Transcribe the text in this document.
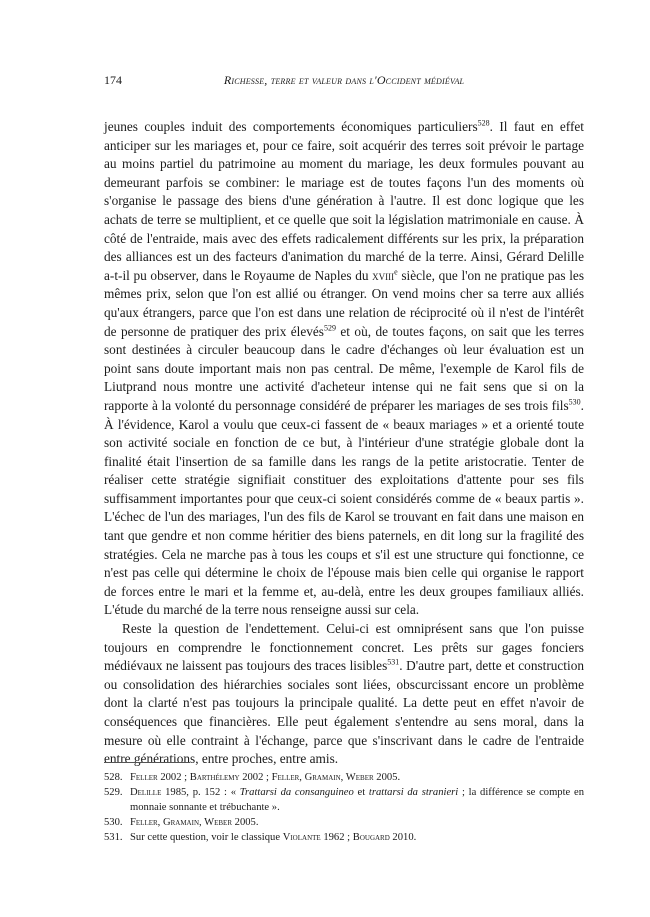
174	Richesse, terre et valeur dans l'Occident médiéval

jeunes couples induit des comportements économiques particuliers$^{528}$. Il faut en effet anticiper sur les mariages et, pour ce faire, soit acquérir des terres soit prévoir le partage au moins partiel du patrimoine au moment du mariage, les deux formules pouvant au demeurant parfois se combiner: le mariage est de toutes façons l'un des moments où s'organise le passage des biens d'une génération à l'autre. Il est donc logique que les achats de terre se multiplient, et ce quelle que soit la législation matrimoniale en cause. À côté de l'entraide, mais avec des effets radicalement différents sur les prix, la préparation des alliances est un des facteurs d'animation du marché de la terre. Ainsi, Gérard Delille a-t-il pu observer, dans le Royaume de Naples du xviii$^e$ siècle, que l'on ne pratique pas les mêmes prix, selon que l'on est allié ou étranger. On vend moins cher sa terre aux alliés qu'aux étrangers, parce que l'on est dans une relation de réciprocité où il n'est de l'intérêt de personne de pratiquer des prix élevés$^{529}$ et où, de toutes façons, on sait que les terres sont destinées à circuler beaucoup dans le cadre d'échanges où leur évaluation est un point sans doute important mais non pas central. De même, l'exemple de Karol fils de Liutprand nous montre une activité d'acheteur intense qui ne fait sens que si on la rapporte à la volonté du personnage considéré de préparer les mariages de ses trois fils$^{530}$. À l'évidence, Karol a voulu que ceux-ci fassent de « beaux mariages » et a orienté toute son activité sociale en fonction de ce but, à l'intérieur d'une stratégie globale dont la finalité était l'insertion de sa famille dans les rangs de la petite aristocratie. Tenter de réaliser cette stratégie signifiait constituer des exploitations d'attente pour ses fils suffisamment importantes pour que ceux-ci soient considérés comme de « beaux partis ». L'échec de l'un des mariages, l'un des fils de Karol se trouvant en fait dans une maison en tant que gendre et non comme héritier des biens paternels, en dit long sur la fragilité des stratégies. Cela ne marche pas à tous les coups et s'il est une structure qui fonctionne, ce n'est pas celle qui détermine le choix de l'épouse mais bien celle qui organise le rapport de forces entre le mari et la femme et, au-delà, entre les deux groupes familiaux alliés. L'étude du marché de la terre nous renseigne aussi sur cela.

Reste la question de l'endettement. Celui-ci est omniprésent sans que l'on puisse toujours en comprendre le fonctionnement concret. Les prêts sur gages fonciers médiévaux ne laissent pas toujours des traces lisibles$^{531}$. D'autre part, dette et construction ou consolidation des hiérarchies sociales sont liées, obscurcissant encore un problème dont la clarté n'est pas toujours la principale qualité. La dette peut en effet n'avoir de conséquences que financières. Elle peut également s'entendre au sens moral, dans la mesure où elle contraint à l'échange, parce que s'inscrivant dans le cadre de l'entraide entre générations, entre proches, entre amis.

528. Feller 2002 ; Barthélemy 2002 ; Feller, Gramain, Weber 2005.
529. Delille 1985, p. 152 : « Trattarsi da consanguineo et trattarsi da stranieri ; la différence se compte en monnaie sonnante et trébuchante ».
530. Feller, Gramain, Weber 2005.
531. Sur cette question, voir le classique Violante 1962 ; Bougard 2010.
